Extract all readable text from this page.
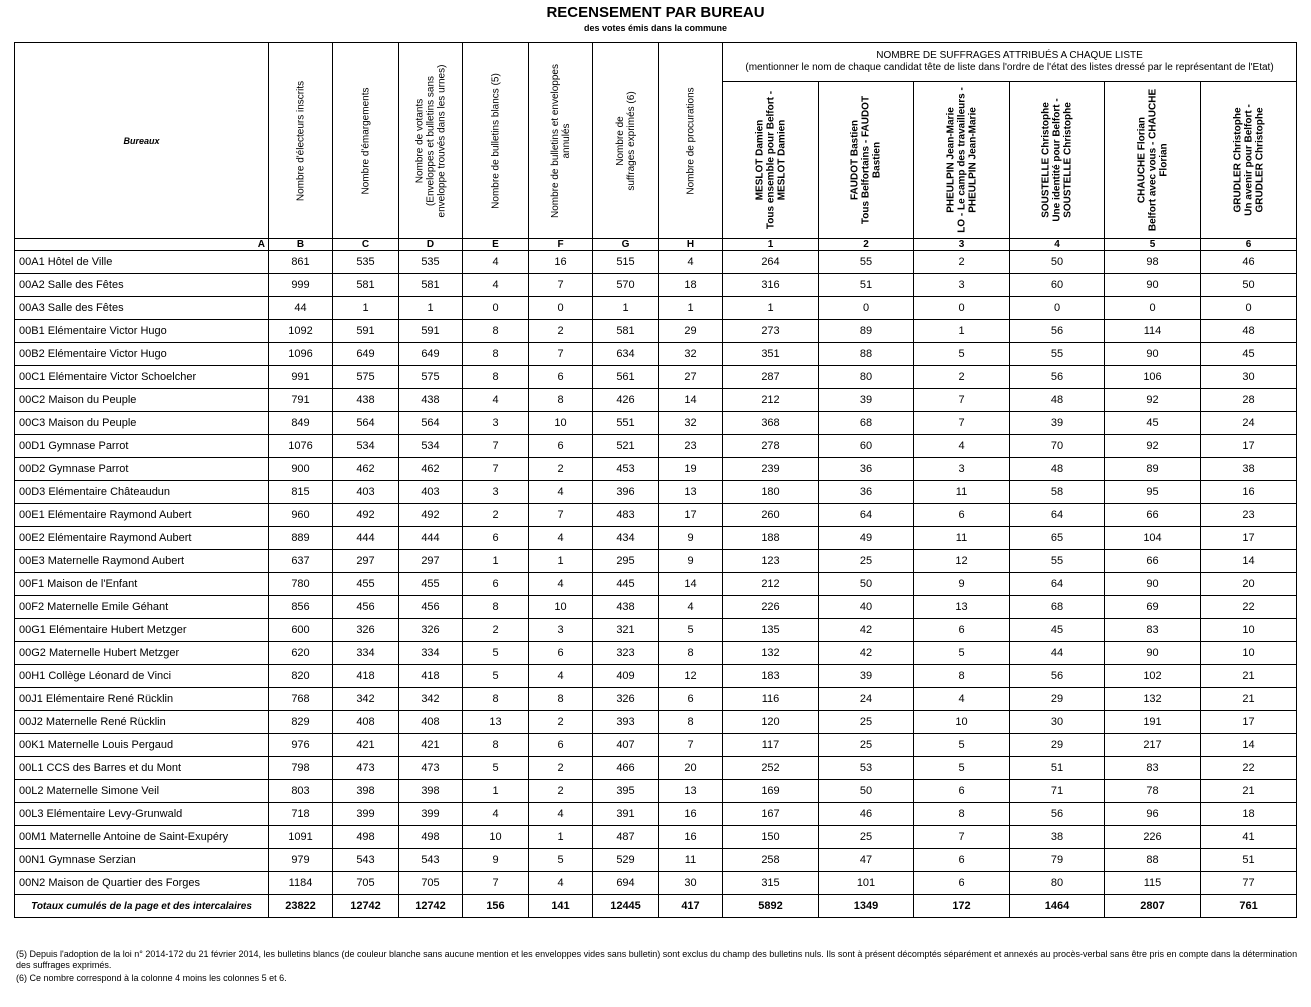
RECENSEMENT PAR BUREAU
des votes émis dans la commune
Bureaux	Nombre d'électeurs inscrits	Nombre d'émargements	Nombre de votants (Enveloppes et bulletins sans enveloppe trouvés dans les urnes)	Nombre de bulletins blancs (5)	Nombre de bulletins et enveloppes annulés	Nombre de suffrages exprimés (6)	Nombre de procurations	NOMBRE DE SUFFRAGES ATTRIBUÉS A CHAQUE LISTE
(mentionner le nom de chaque candidat tête de liste dans l'ordre de l'état des listes dressé par le représentant de l'Etat)					

								MESLOT Damien Tous ensemble pour Belfort - MESLOT Damien	FAUDOT Bastien Tous Belfortains - FAUDOT Bastien	PHEULPIN Jean-Marie LO - Le camp des travailleurs - PHEULPIN Jean-Marie	SOUSTELLE Christophe Une identité pour Belfort - SOUSTELLE Christophe	CHAUCHE Florian Belfort avec vous - CHAUCHE Florian	GRUDLER Christophe Un avenir pour Belfort - GRUDLER Christophe

A	B	C	D	E	F	G	H	1	2	3	4	5	6
00A1 Hôtel de Ville	861	535	535	4	16	515	4	264	55	2	50	98	46
00A2 Salle des Fêtes	999	581	581	4	7	570	18	316	51	3	60	90	50
00A3 Salle des Fêtes	44	1	1	0	0	1	1	1	0	0	0	0	0
00B1 Elémentaire Victor Hugo	1092	591	591	8	2	581	29	273	89	1	56	114	48
00B2 Elémentaire Victor Hugo	1096	649	649	8	7	634	32	351	88	5	55	90	45
00C1 Elémentaire Victor Schoelcher	991	575	575	8	6	561	27	287	80	2	56	106	30
00C2 Maison du Peuple	791	438	438	4	8	426	14	212	39	7	48	92	28
00C3 Maison du Peuple	849	564	564	3	10	551	32	368	68	7	39	45	24
00D1 Gymnase Parrot	1076	534	534	7	6	521	23	278	60	4	70	92	17
00D2 Gymnase Parrot	900	462	462	7	2	453	19	239	36	3	48	89	38
00D3 Elémentaire Châteaudun	815	403	403	3	4	396	13	180	36	11	58	95	16
00E1 Elémentaire Raymond Aubert	960	492	492	2	7	483	17	260	64	6	64	66	23
00E2 Elémentaire Raymond Aubert	889	444	444	6	4	434	9	188	49	11	65	104	17
00E3 Maternelle Raymond Aubert	637	297	297	1	1	295	9	123	25	12	55	66	14
00F1 Maison de l'Enfant	780	455	455	6	4	445	14	212	50	9	64	90	20
00F2 Maternelle Emile Géhant	856	456	456	8	10	438	4	226	40	13	68	69	22
00G1 Elémentaire Hubert Metzger	600	326	326	2	3	321	5	135	42	6	45	83	10
00G2 Maternelle Hubert Metzger	620	334	334	5	6	323	8	132	42	5	44	90	10
00H1 Collège Léonard de Vinci	820	418	418	5	4	409	12	183	39	8	56	102	21
00J1 Elémentaire René Rücklin	768	342	342	8	8	326	6	116	24	4	29	132	21
00J2 Maternelle René Rücklin	829	408	408	13	2	393	8	120	25	10	30	191	17
00K1 Maternelle Louis Pergaud	976	421	421	8	6	407	7	117	25	5	29	217	14
00L1 CCS des Barres et du Mont	798	473	473	5	2	466	20	252	53	5	51	83	22
00L2 Maternelle Simone Veil	803	398	398	1	2	395	13	169	50	6	71	78	21
00L3 Elémentaire Levy-Grunwald	718	399	399	4	4	391	16	167	46	8	56	96	18
00M1 Maternelle Antoine de Saint-Exupéry	1091	498	498	10	1	487	16	150	25	7	38	226	41
00N1 Gymnase Serzian	979	543	543	9	5	529	11	258	47	6	79	88	51
00N2 Maison de Quartier des Forges	1184	705	705	7	4	694	30	315	101	6	80	115	77
Totaux cumulés de la page et des intercalaires	23822	12742	12742	156	141	12445	417	5892	1349	172	1464	2807	761
(5) Depuis l'adoption de la loi n° 2014-172 du 21 février 2014, les bulletins blancs (de couleur blanche sans aucune mention et les enveloppes vides sans bulletin) sont exclus du champ des bulletins nuls. Ils sont à présent décomptés séparément et annexés au procès-verbal sans être pris en compte dans la détermination des suffrages exprimés.
(6) Ce nombre correspond à la colonne 4 moins les colonnes 5 et 6.
